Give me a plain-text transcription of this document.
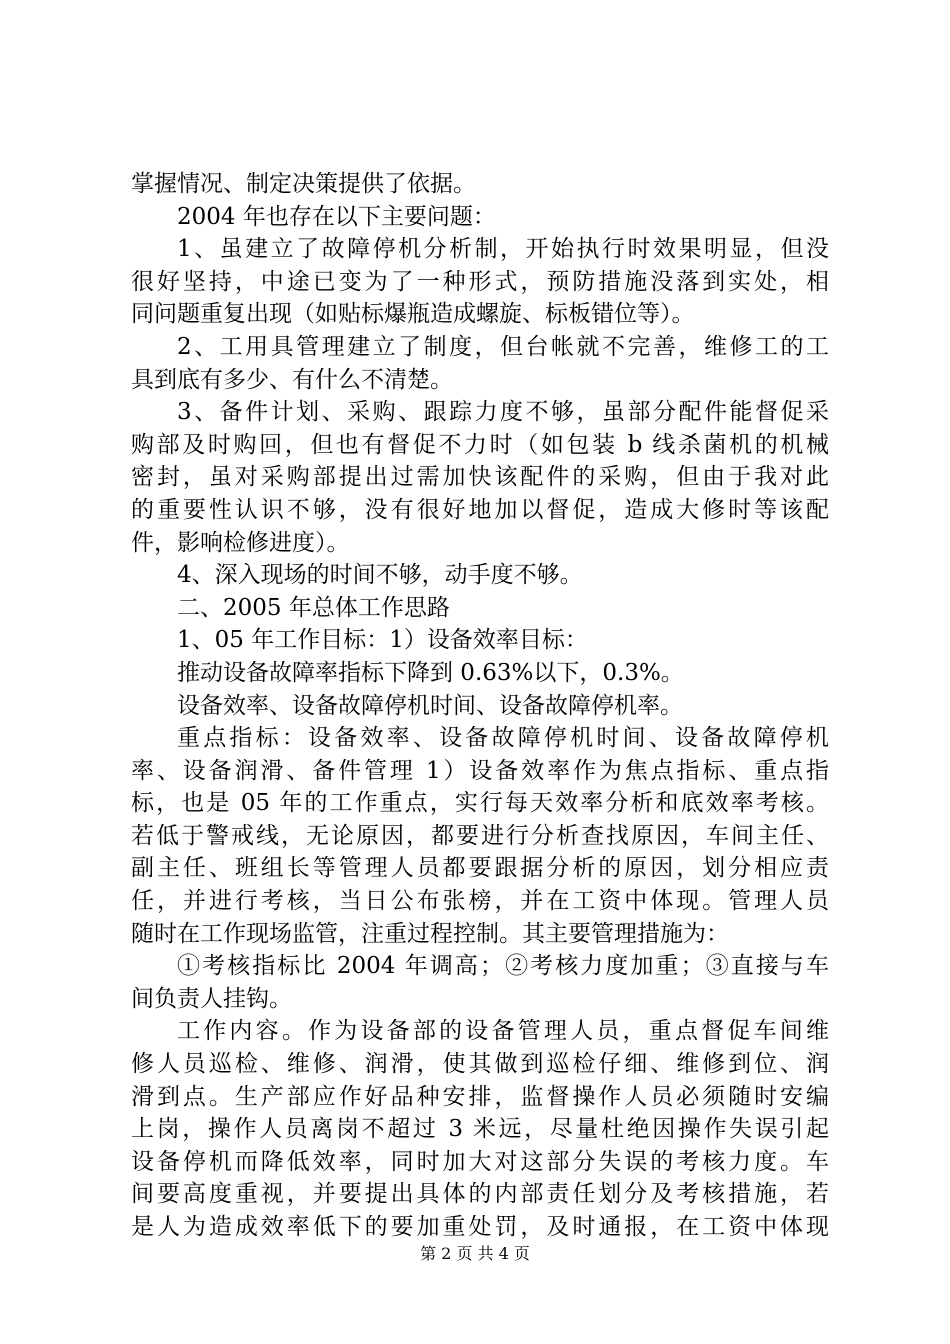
掌握情况、制定决策提供了依据。
2004 年也存在以下主要问题：
1、虽建立了故障停机分析制，开始执行时效果明显，但没
很好坚持，中途已变为了一种形式，预防措施没落到实处，相
同问题重复出现（如贴标爆瓶造成螺旋、标板错位等）。
2、工用具管理建立了制度，但台帐就不完善，维修工的工
具到底有多少、有什么不清楚。
3、备件计划、采购、跟踪力度不够，虽部分配件能督促采
购部及时购回，但也有督促不力时（如包装 b 线杀菌机的机械
密封，虽对采购部提出过需加快该配件的采购，但由于我对此
的重要性认识不够，没有很好地加以督促，造成大修时等该配
件，影响检修进度）。
4、深入现场的时间不够，动手度不够。
二、2005 年总体工作思路
1、05 年工作目标：1）设备效率目标：
推动设备故障率指标下降到 0.63%以下，0.3%。
设备效率、设备故障停机时间、设备故障停机率。
重点指标：设备效率、设备故障停机时间、设备故障停机
率、设备润滑、备件管理 1）设备效率作为焦点指标、重点指
标，也是 05 年的工作重点，实行每天效率分析和底效率考核。
若低于警戒线，无论原因，都要进行分析查找原因，车间主任、
副主任、班组长等管理人员都要跟据分析的原因，划分相应责
任，并进行考核，当日公布张榜，并在工资中体现。管理人员
随时在工作现场监管，注重过程控制。其主要管理措施为：
①考核指标比 2004 年调高；②考核力度加重；③直接与车
间负责人挂钩。
工作内容。作为设备部的设备管理人员，重点督促车间维
修人员巡检、维修、润滑，使其做到巡检仔细、维修到位、润
滑到点。生产部应作好品种安排，监督操作人员必须随时安编
上岗，操作人员离岗不超过 3 米远，尽量杜绝因操作失误引起
设备停机而降低效率，同时加大对这部分失误的考核力度。车
间要高度重视，并要提出具体的内部责任划分及考核措施，若
是人为造成效率低下的要加重处罚，及时通报，在工资中体现
第 2 页 共 4 页
